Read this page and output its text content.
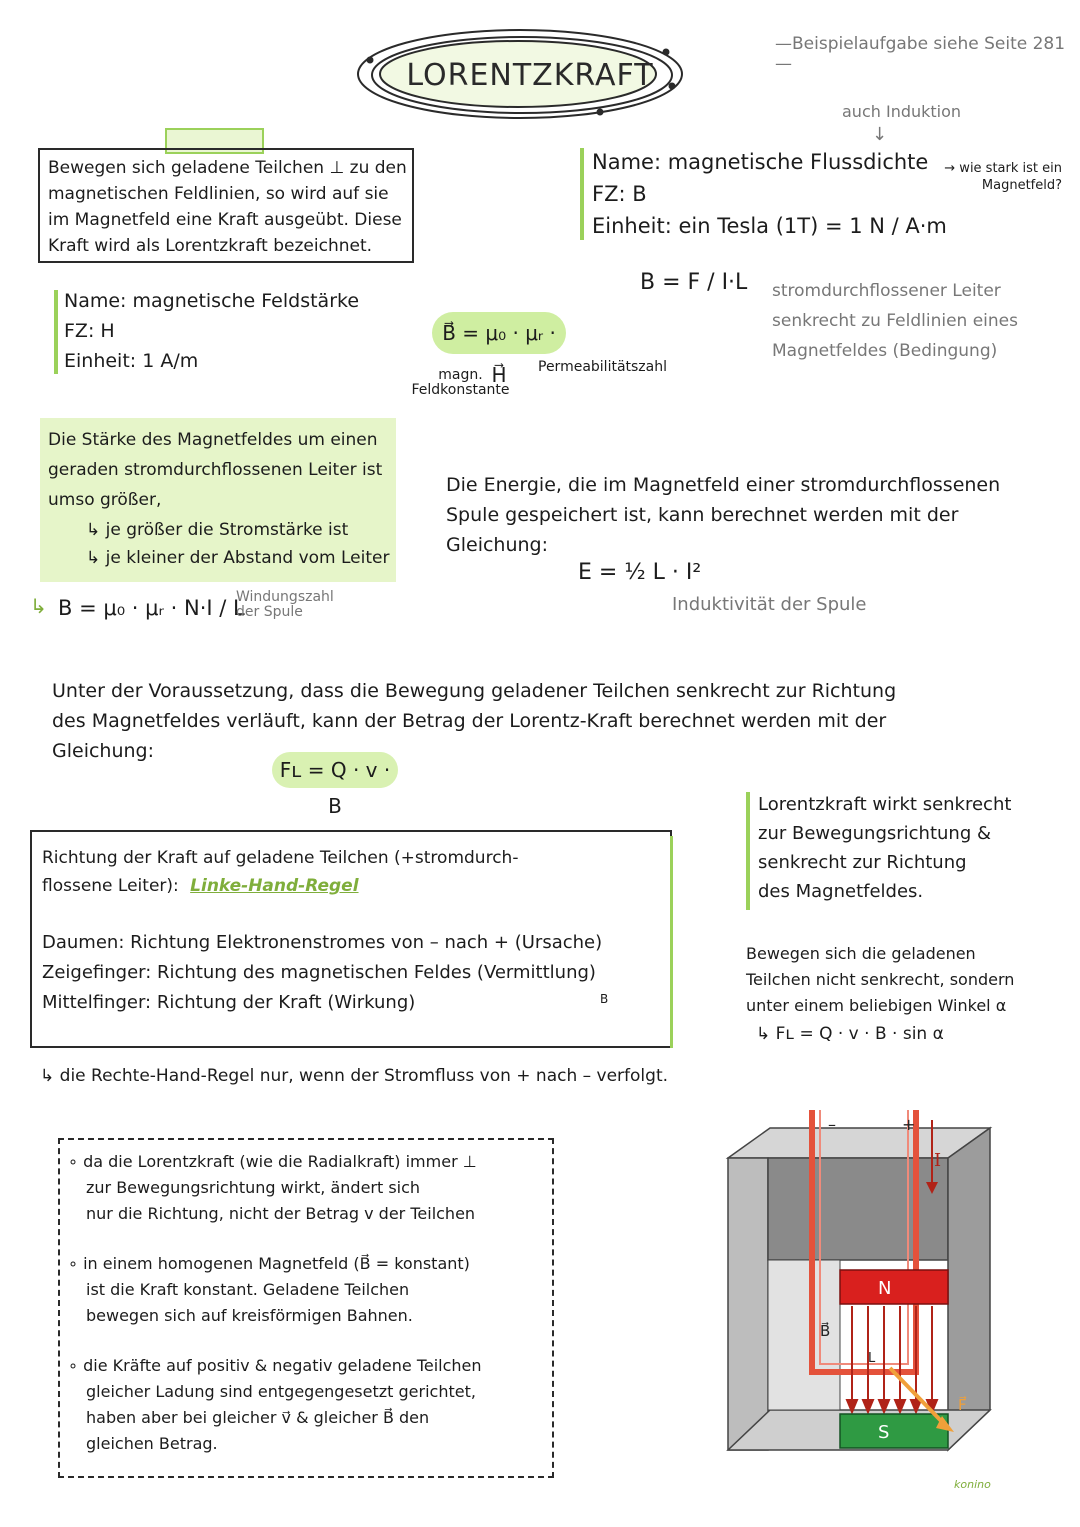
LORENTZKRAFT
—Beispielaufgabe siehe Seite 281—
Bewegen sich geladene Teilchen ⊥ zu den
magnetischen Feldlinien, so wird auf sie
im Magnetfeld eine Kraft ausgeübt. Diese
Kraft wird als Lorentzkraft bezeichnet.
auch Induktion
↓
Name: magnetische Flussdichte
FZ: B
Einheit: ein Tesla (1T) = 1 N / A·m
→ wie stark ist ein Magnetfeld?
B = F / I·L stromdurchflossener Leiter senkrecht zu Feldlinien eines Magnetfeldes (Bedingung)
Name: magnetische Feldstärke
FZ: H
Einheit: 1 A/m
B⃗ = μ₀ · μᵣ · H⃗
magn. Feldkonstante
Permeabilitätszahl
Die Stärke des Magnetfeldes um einen
geraden stromdurchflossenen Leiter ist
umso größer,
↳ je größer die Stromstärke ist
↳ je kleiner der Abstand vom Leiter
↳ B = μ₀ · μᵣ · N·I / L
Windungszahl der Spule
Die Energie, die im Magnetfeld einer stromdurchflossenen
Spule gespeichert ist, kann berechnet werden mit der
Gleichung:
E = ½ L · I²
Induktivität der Spule
Unter der Voraussetzung, dass die Bewegung geladener Teilchen senkrecht zur Richtung
des Magnetfeldes verläuft, kann der Betrag der Lorentz-Kraft berechnet werden mit der
Gleichung:
Fʟ = Q · v · B	Lorentzkraft wirkt senkrecht
zur Bewegungsrichtung &
senkrecht zur Richtung
des Magnetfeldes.
Richtung der Kraft auf geladene Teilchen (+stromdurch-
flossene Leiter): Linke-Hand-Regel
Daumen: Richtung Elektronenstromes von – nach + (Ursache)
Zeigefinger: Richtung des magnetischen Feldes (Vermittlung)
Mittelfinger: Richtung der Kraft (Wirkung)	B
↳ die Rechte-Hand-Regel nur, wenn der Stromfluss von + nach – verfolgt.
Bewegen sich die geladenen
Teilchen nicht senkrecht, sondern
unter einem beliebigen Winkel α
↳ Fʟ = Q · v · B · sin α
∘ da die Lorentzkraft (wie die Radialkraft) immer ⊥
zur Bewegungsrichtung wirkt, ändert sich
nur die Richtung, nicht der Betrag v der Teilchen
∘ in einem homogenen Magnetfeld (B⃗ = konstant)
ist die Kraft konstant. Geladene Teilchen
bewegen sich auf kreisförmigen Bahnen.
∘ die Kräfte auf positiv & negativ geladene Teilchen
gleicher Ladung sind entgegengesetzt gerichtet,
haben aber bei gleicher v⃗ & gleicher B⃗ den
gleichen Betrag.
–	+
I
N
S
B⃗
L
F⃗
konino
